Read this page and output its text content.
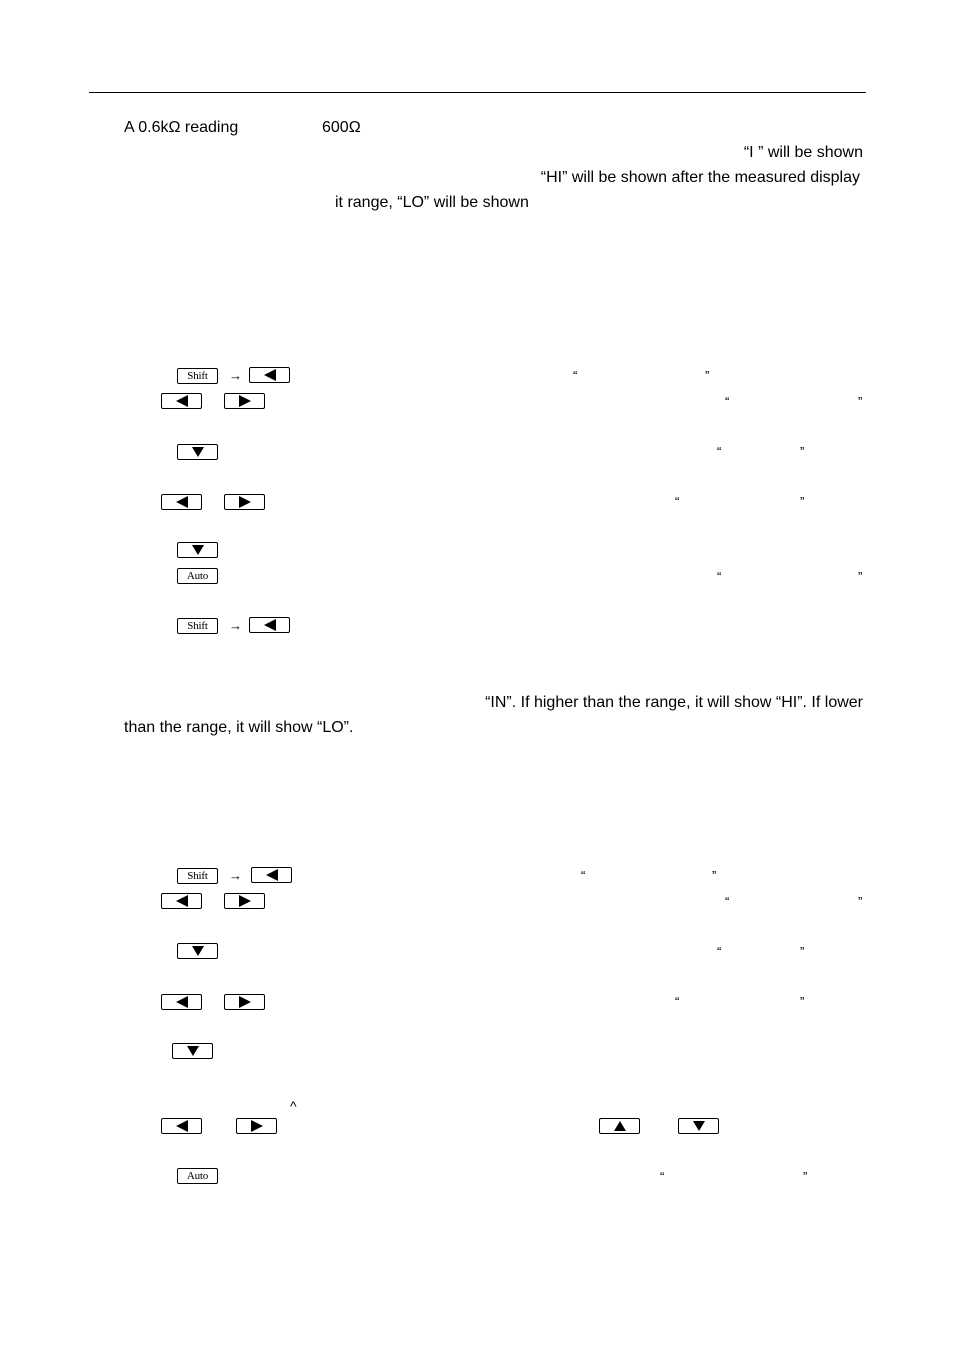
A 0.6kΩ reading	600Ω
“I ” will be shown
“HI” will be shown after the measured display
it range, “LO” will be shown
Shift →	“	”
“	”
“	”
“	”
Auto	“	”
Shift →
“IN”. If higher than the range, it will show “HI”. If lower
than the range, it will show “LO”.
Shift →	“	”
“	”
“	”
“	”
^
Auto	“	”
